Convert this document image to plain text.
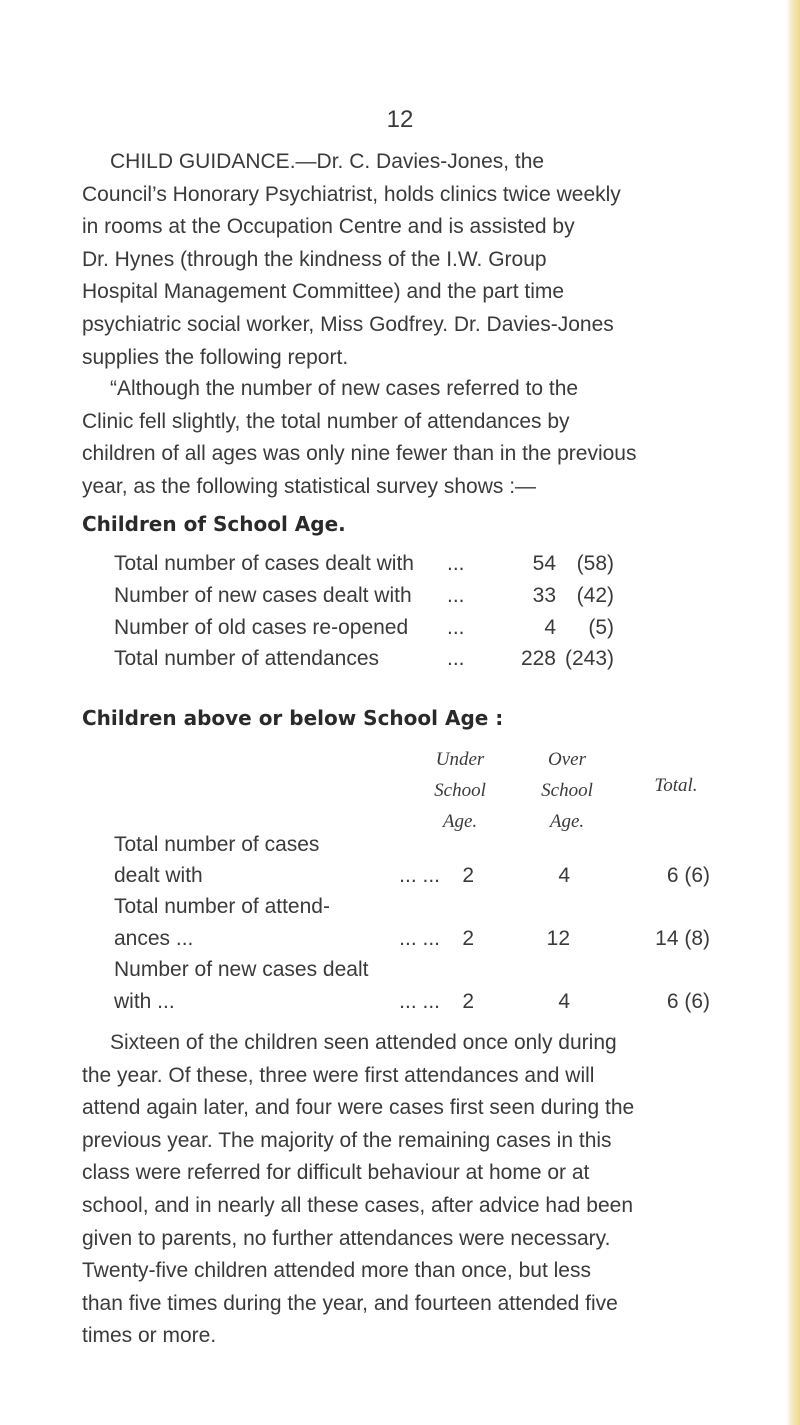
12
CHILD GUIDANCE.—Dr. C. Davies-Jones, the
Council’s Honorary Psychiatrist, holds clinics twice weekly
in rooms at the Occupation Centre and is assisted by
Dr. Hynes (through the kindness of the I.W. Group
Hospital Management Committee) and the part time
psychiatric social worker, Miss Godfrey. Dr. Davies-Jones
supplies the following report.
“Although the number of new cases referred to the
Clinic fell slightly, the total number of attendances by
children of all ages was only nine fewer than in the previous
year, as the following statistical survey shows :—
Children of School Age.
Total number of cases dealt with ...	54 (58)
Number of new cases dealt with ...	33 (42)
Number of old cases re-opened ...	4	(5)
Total number of attendances	...	228 (243)
Children above or below School Age :
Under
School
Age.
Over
School
Age.
Total.
Total number of cases
dealt with	... ...	2	4	6 (6)
Total number of attend-
ances ...	... ...	2	12	14 (8)
Number of new cases dealt
with ...	... ...	2	4	6 (6)
Sixteen of the children seen attended once only during
the year. Of these, three were first attendances and will
attend again later, and four were cases first seen during the
previous year. The majority of the remaining cases in this
class were referred for difficult behaviour at home or at
school, and in nearly all these cases, after advice had been
given to parents, no further attendances were necessary.
Twenty-five children attended more than once, but less
than five times during the year, and fourteen attended five
times or more.
